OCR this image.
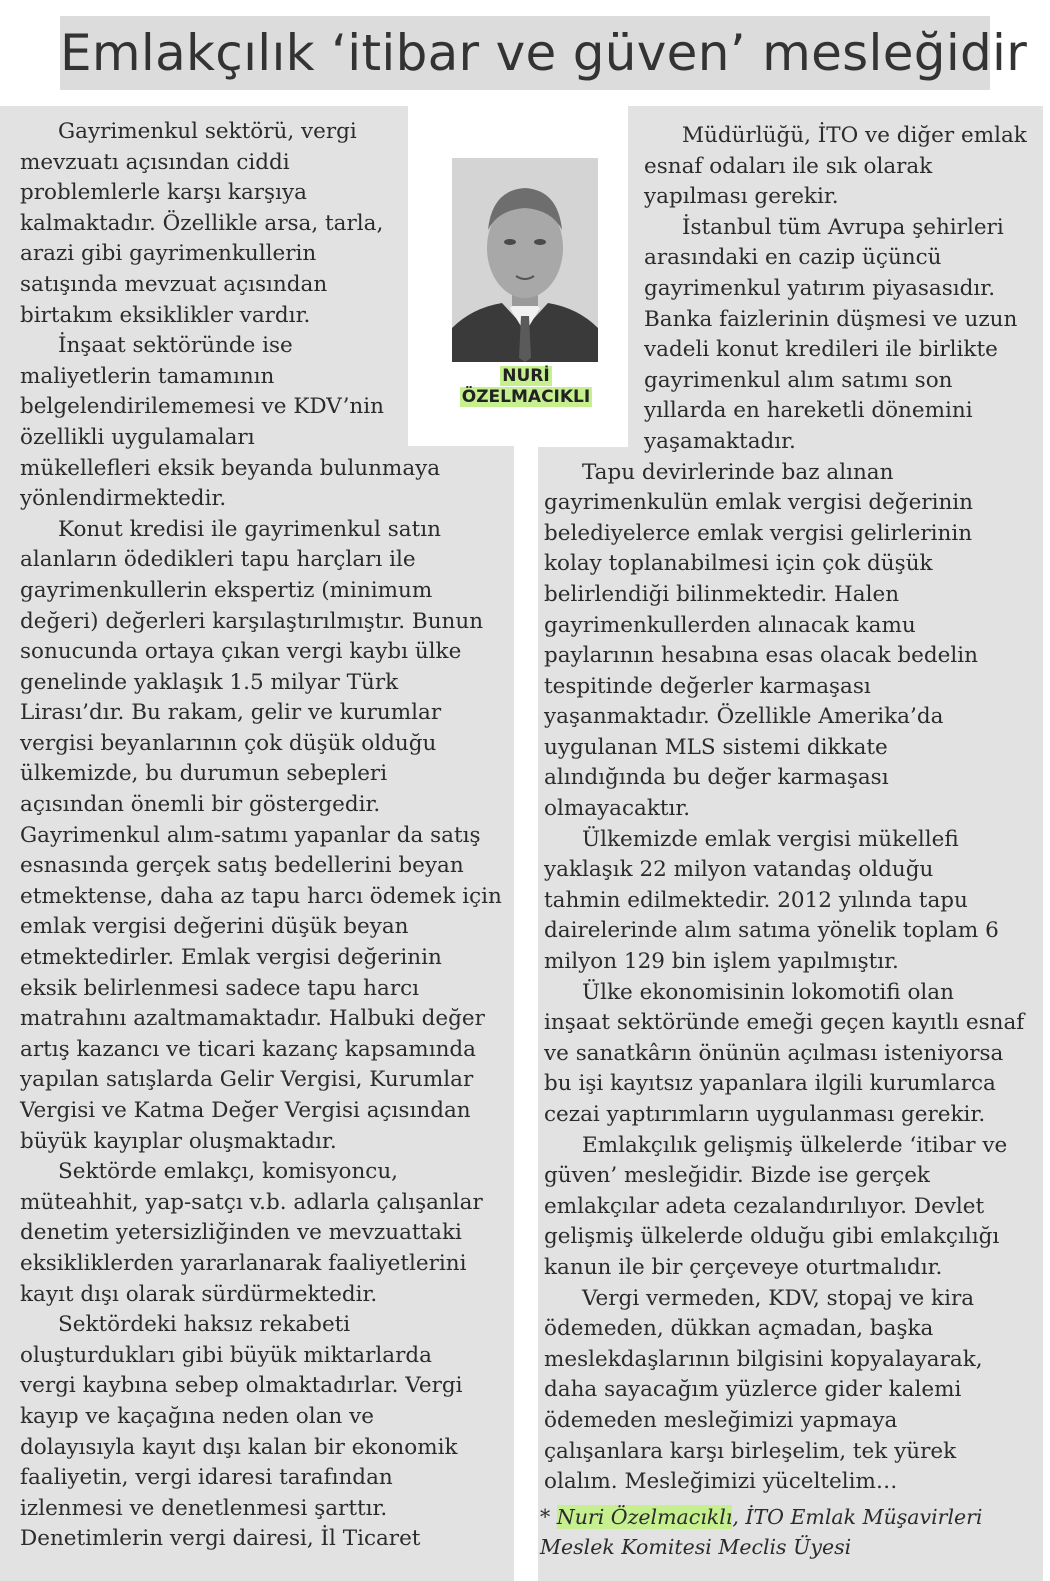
Emlakçılık ‘itibar ve güven’ mesleğidir
NURİ
ÖZELMACIKLI
Gayrimenkul sektörü, vergi
mevzuatı açısından ciddi
problemlerle karşı karşıya
kalmaktadır. Özellikle arsa, tarla,
arazi gibi gayrimenkullerin
satışında mevzuat açısından
birtakım eksiklikler vardır.
İnşaat sektöründe ise
maliyetlerin tamamının
belgelendirilememesi ve KDV’nin
özellikli uygulamaları
mükellefleri eksik beyanda bulunmaya
yönlendirmektedir.
Konut kredisi ile gayrimenkul satın
alanların ödedikleri tapu harçları ile
gayrimenkullerin ekspertiz (minimum
değeri) değerleri karşılaştırılmıştır. Bunun
sonucunda ortaya çıkan vergi kaybı ülke
genelinde yaklaşık 1.5 milyar Türk
Lirası’dır. Bu rakam, gelir ve kurumlar
vergisi beyanlarının çok düşük olduğu
ülkemizde, bu durumun sebepleri
açısından önemli bir göstergedir.
Gayrimenkul alım-satımı yapanlar da satış
esnasında gerçek satış bedellerini beyan
etmektense, daha az tapu harcı ödemek için
emlak vergisi değerini düşük beyan
etmektedirler. Emlak vergisi değerinin
eksik belirlenmesi sadece tapu harcı
matrahını azaltmamaktadır. Halbuki değer
artış kazancı ve ticari kazanç kapsamında
yapılan satışlarda Gelir Vergisi, Kurumlar
Vergisi ve Katma Değer Vergisi açısından
büyük kayıplar oluşmaktadır.
Sektörde emlakçı, komisyoncu,
müteahhit, yap-satçı v.b. adlarla çalışanlar
denetim yetersizliğinden ve mevzuattaki
eksikliklerden yararlanarak faaliyetlerini
kayıt dışı olarak sürdürmektedir.
Sektördeki haksız rekabeti
oluşturdukları gibi büyük miktarlarda
vergi kaybına sebep olmaktadırlar. Vergi
kayıp ve kaçağına neden olan ve
dolayısıyla kayıt dışı kalan bir ekonomik
faaliyetin, vergi idaresi tarafından
izlenmesi ve denetlenmesi şarttır.
Denetimlerin vergi dairesi, İl Ticaret
Müdürlüğü, İTO ve diğer emlak
esnaf odaları ile sık olarak
yapılması gerekir.
İstanbul tüm Avrupa şehirleri
arasındaki en cazip üçüncü
gayrimenkul yatırım piyasasıdır.
Banka faizlerinin düşmesi ve uzun
vadeli konut kredileri ile birlikte
gayrimenkul alım satımı son
yıllarda en hareketli dönemini
yaşamaktadır.
Tapu devirlerinde baz alınan
gayrimenkulün emlak vergisi değerinin
belediyelerce emlak vergisi gelirlerinin
kolay toplanabilmesi için çok düşük
belirlendiği bilinmektedir. Halen
gayrimenkullerden alınacak kamu
paylarının hesabına esas olacak bedelin
tespitinde değerler karmaşası
yaşanmaktadır. Özellikle Amerika’da
uygulanan MLS sistemi dikkate
alındığında bu değer karmaşası
olmayacaktır.
Ülkemizde emlak vergisi mükellefi
yaklaşık 22 milyon vatandaş olduğu
tahmin edilmektedir. 2012 yılında tapu
dairelerinde alım satıma yönelik toplam 6
milyon 129 bin işlem yapılmıştır.
Ülke ekonomisinin lokomotifi olan
inşaat sektöründe emeği geçen kayıtlı esnaf
ve sanatkârın önünün açılması isteniyorsa
bu işi kayıtsız yapanlara ilgili kurumlarca
cezai yaptırımların uygulanması gerekir.
Emlakçılık gelişmiş ülkelerde ‘itibar ve
güven’ mesleğidir. Bizde ise gerçek
emlakçılar adeta cezalandırılıyor. Devlet
gelişmiş ülkelerde olduğu gibi emlakçılığı
kanun ile bir çerçeveye oturtmalıdır.
Vergi vermeden, KDV, stopaj ve kira
ödemeden, dükkan açmadan, başka
meslekdaşlarının bilgisini kopyalayarak,
daha sayacağım yüzlerce gider kalemi
ödemeden mesleğimizi yapmaya
çalışanlara karşı birleşelim, tek yürek
olalım. Mesleğimizi yüceltelim…
* Nuri Özelmacıklı, İTO Emlak Müşavirleri
Meslek Komitesi Meclis Üyesi
